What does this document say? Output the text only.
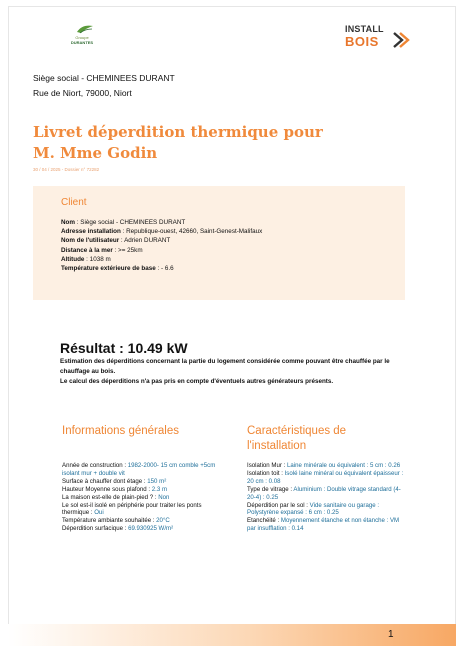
Groupe
DURANTES
INSTALL
BOIS
Siège social - CHEMINEES DURANT
Rue de Niort, 79000, Niort
Livret déperdition thermique pour
M. Mme Godin
30 / 04 / 2025 - Dossier n° 72282
Client
Nom : Siège social - CHEMINEES DURANT
Adresse installation : Republique-ouest, 42660, Saint-Genest-Malifaux
Nom de l'utilisateur : Adrien DURANT
Distance à la mer : >= 25km
Altitude : 1038 m
Température extérieure de base : - 6.6
Résultat : 10.49 kW
Estimation des déperditions concernant la partie du logement considérée comme pouvant être chauffée par le chauffage au bois.
Le calcul des déperditions n'a pas pris en compte d'éventuels autres générateurs présents.
Informations générales	Caractéristiques de
l'installation
Année de construction : 1982-2000- 15 cm comble +5cm isolant mur + double vit
Surface à chauffer dont étage : 150 m²
Hauteur Moyenne sous plafond : 2.3 m
La maison est-elle de plain-pied ? : Non
Le sol est-il isolé en périphérie pour traiter les ponts thermique : Oui
Température ambiante souhaitée : 20°C
Déperdition surfacique : 69.930925 W/m²
Isolation Mur : Laine minérale ou équivalent : 5 cm : 0.26
Isolation toit : Isolé laine minéral ou équivalent épaisseur : 20 cm : 0.08
Type de vitrage : Aluminium : Double vitrage standard (4-20-4) : 0.25
Déperdition par le sol : Vide sanitaire ou garage : Polystyrène expansé : 6 cm : 0.25
Etanchéité : Moyennement étanche et non étanche : VM par insufflation : 0.14
1
